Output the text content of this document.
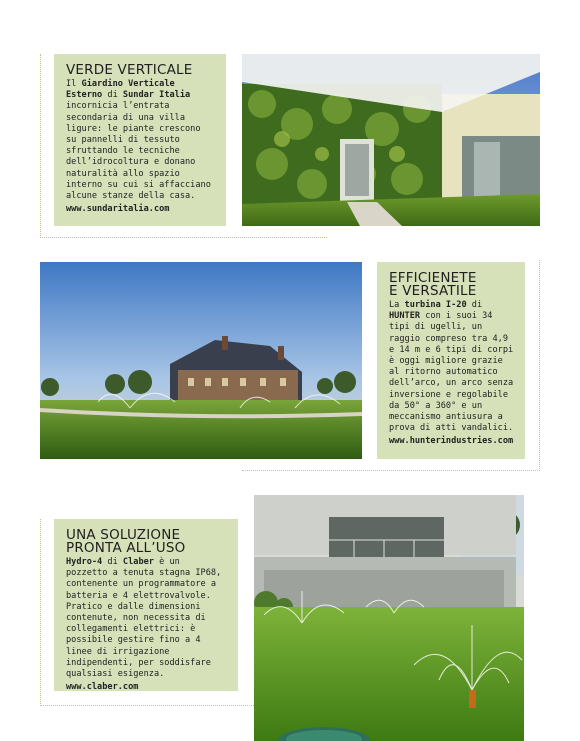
VERDE VERTICALE

Il Giardino Verticale Esterno di Sundar Italia incornicia l’entrata secondaria di una villa ligure: le piante crescono su pannelli di tessuto sfruttando le tecniche dell’idrocoltura e donano naturalità allo spazio interno su cui si affacciano alcune stanze della casa.
www.sundaritalia.com

EFFICIENETE E VERSATILE

La turbina I-20 di HUNTER con i suoi 34 tipi di ugelli, un raggio compreso tra 4,9 e 14 m e 6 tipi di corpi è oggi migliore grazie al ritorno automatico dell’arco, un arco senza inversione e regolabile da 50° a 360° e un meccanismo antiusura a prova di atti vandalici.
www.hunterindustries.com

UNA SOLUZIONE PRONTA ALL’USO

Hydro-4 di Claber è un pozzetto a tenuta stagna IP68, contenente un programmatore a batteria e 4 elettrovalvole. Pratico e dalle dimensioni contenute, non necessita di collegamenti elettrici: è possibile gestire fino a 4 linee di irrigazione indipendenti, per soddisfare qualsiasi esigenza.
www.claber.com
